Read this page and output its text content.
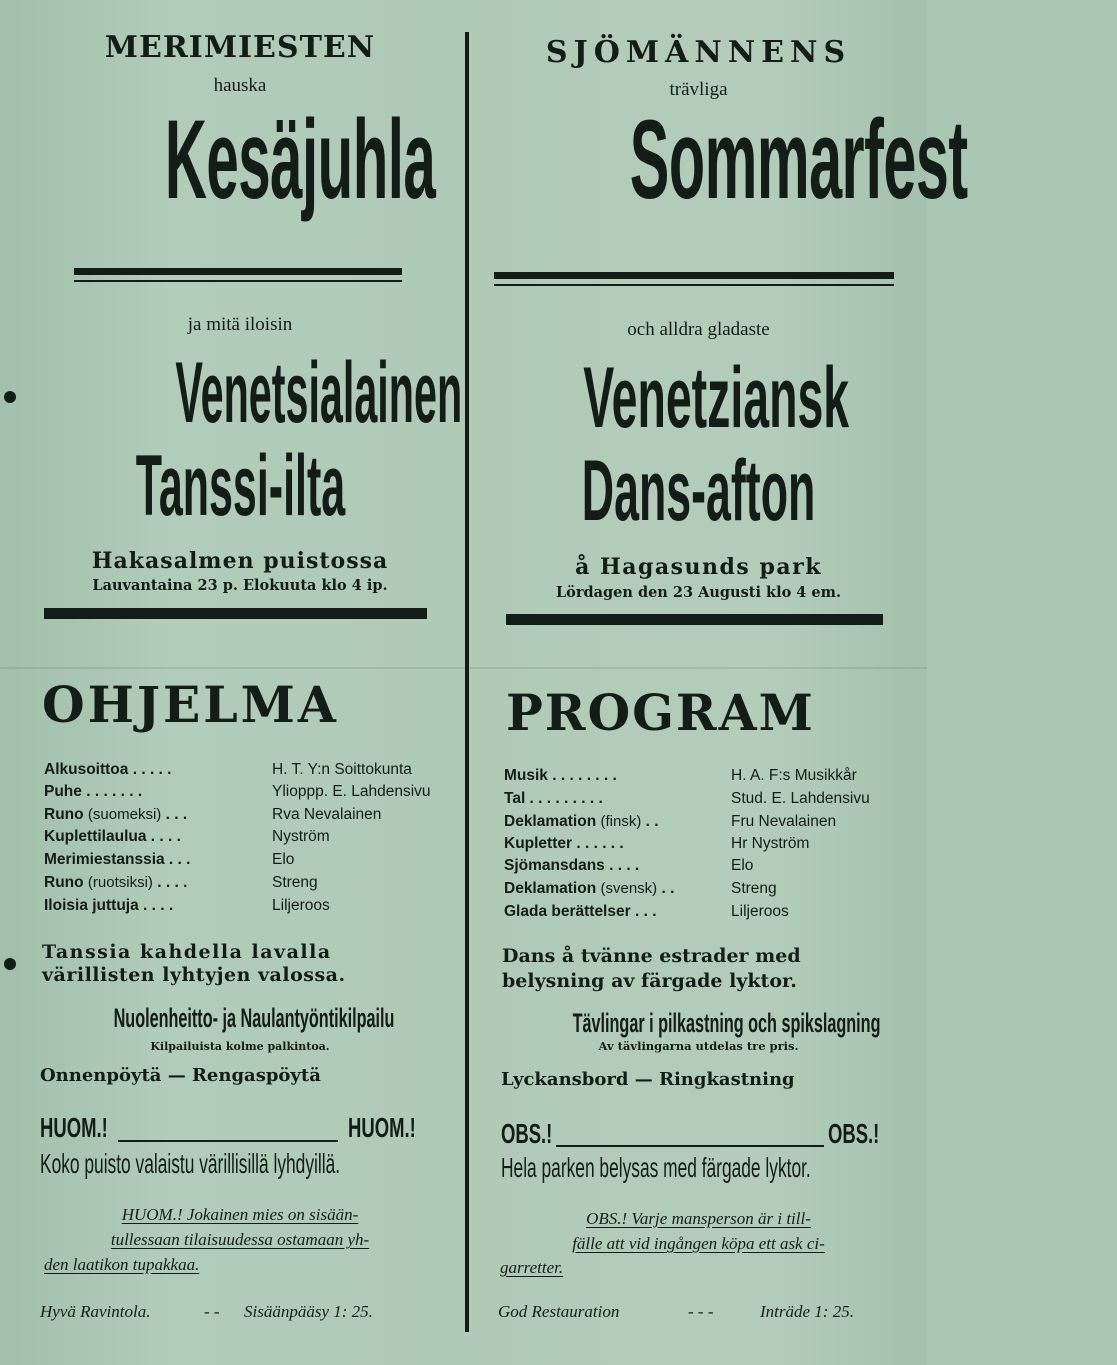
MERIMIESTEN
hauska
Kesäjuhla
ja mitä iloisin
Venetsialainen
Tanssi-ilta
Hakasalmen puistossa
Lauvantaina 23 p. Elokuuta klo 4 ip.
OHJELMA
Alkusoittoa . . . . .	H. T. Y:n Soittokunta
Puhe . . . . . . .	Ylioppp. E. Lahdensivu
Runo (suomeksi) . . .	Rva Nevalainen
Kuplettilaulua . . . .	Nyström
Merimiestanssia . . .	Elo
Runo (ruotsiksi) . . . .	Streng
Iloisia juttuja . . . .	Liljeroos
Tanssia kahdella lavalla
värillisten lyhtyjen valossa.
Nuolenheitto- ja Naulantyöntikilpailu
Kilpailuista kolme palkintoa.
Onnenpöytä — Rengaspöytä
HUOM.!	HUOM.!
Koko puisto valaistu värillisillä lyhdyillä.
HUOM.! Jokainen mies on sisään-
tullessaan tilaisuudessa ostamaan yh-
den laatikon tupakkaa.
Hyvä Ravintola.	- - Sisäänpääsy 1: 25.
SJÖMÄNNENS
trävliga
Sommarfest
och alldra gladaste
Venetziansk
Dans-afton
å Hagasunds park
Lördagen den 23 Augusti klo 4 em.
PROGRAM
Musik . . . . . . . .	H. A. F:s Musikkår
Tal . . . . . . . . .	Stud. E. Lahdensivu
Deklamation (finsk) . .	Fru Nevalainen
Kupletter . . . . . .	Hr Nyström
Sjömansdans . . . .	Elo
Deklamation (svensk) . .	Streng
Glada berättelser . . .	Liljeroos
Dans å tvänne estrader med
belysning av färgade lyktor.
Tävlingar i pilkastning och spikslagning
Av tävlingarna utdelas tre pris.
Lyckansbord — Ringkastning
OBS.!	OBS.!
Hela parken belysas med färgade lyktor.
OBS.! Varje mansperson är i till-
fälle att vid ingången köpa ett ask ci-
garretter.
God Restauration	- - -	Inträde 1: 25.
